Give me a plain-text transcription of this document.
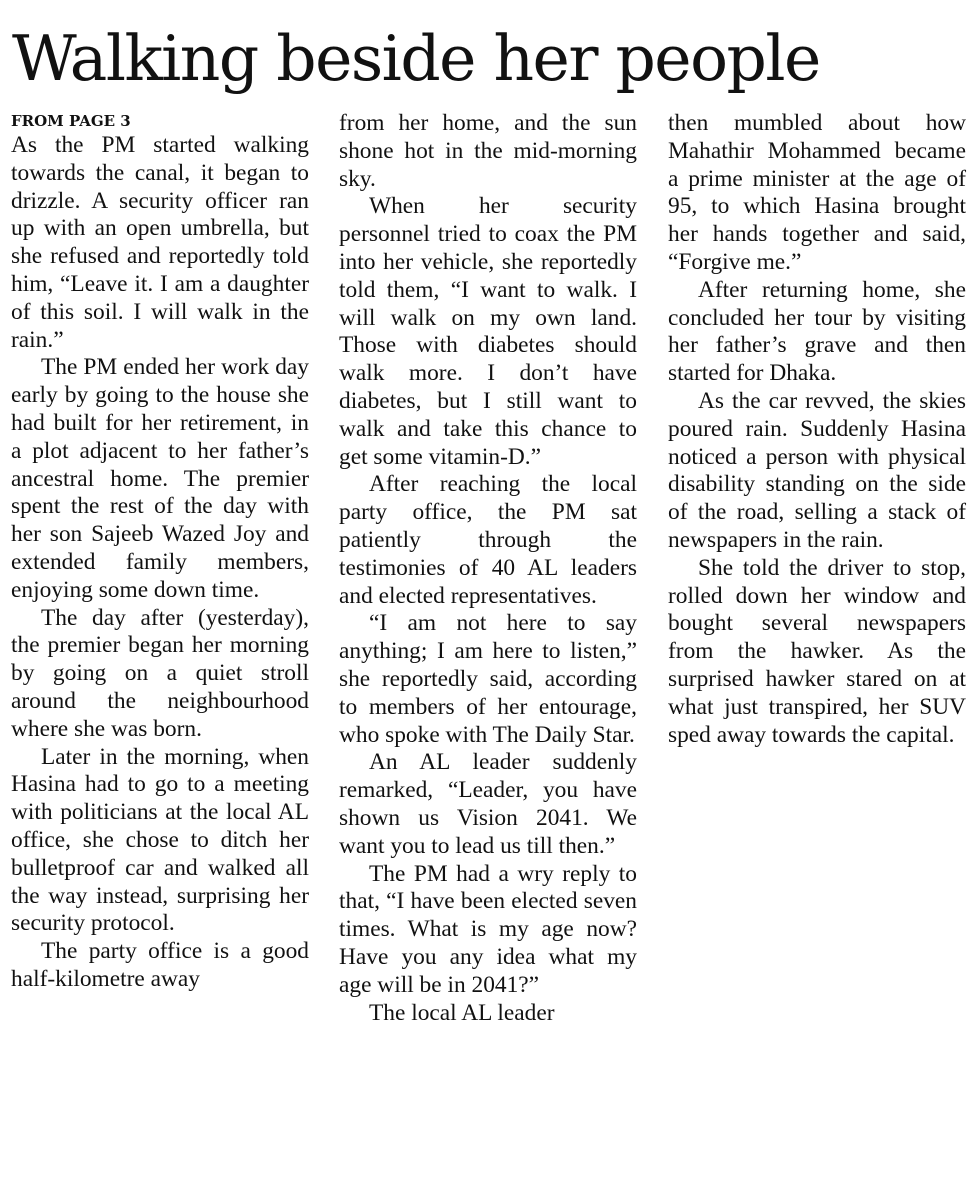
Walking beside her people

FROM PAGE 3

As the PM started walking towards the canal, it began to drizzle. A security officer ran up with an open umbrella, but she refused and reportedly told him, “Leave it. I am a daughter of this soil. I will walk in the rain.”

The PM ended her work day early by going to the house she had built for her retirement, in a plot adjacent to her father’s ancestral home. The premier spent the rest of the day with her son Sajeeb Wazed Joy and extended family members, enjoying some down time.

The day after (yesterday), the premier began her morning by going on a quiet stroll around the neighbourhood where she was born.

Later in the morning, when Hasina had to go to a meeting with politicians at the local AL office, she chose to ditch her bulletproof car and walked all the way instead, surprising her security protocol.

The party office is a good half-kilometre away

from her home, and the sun shone hot in the mid-morning sky.

When her security personnel tried to coax the PM into her vehicle, she reportedly told them, “I want to walk. I will walk on my own land. Those with diabetes should walk more. I don’t have diabetes, but I still want to walk and take this chance to get some vitamin-D.”

After reaching the local party office, the PM sat patiently through the testimonies of 40 AL leaders and elected representatives.

“I am not here to say anything; I am here to listen,” she reportedly said, according to members of her entourage, who spoke with The Daily Star.

An AL leader suddenly remarked, “Leader, you have shown us Vision 2041. We want you to lead us till then.”

The PM had a wry reply to that, “I have been elected seven times. What is my age now? Have you any idea what my age will be in 2041?”

The local AL leader

then mumbled about how Mahathir Mohammed became a prime minister at the age of 95, to which Hasina brought her hands together and said, “Forgive me.”

After returning home, she concluded her tour by visiting her father’s grave and then started for Dhaka.

As the car revved, the skies poured rain. Suddenly Hasina noticed a person with physical disability standing on the side of the road, selling a stack of newspapers in the rain.

She told the driver to stop, rolled down her window and bought several newspapers from the hawker. As the surprised hawker stared on at what just transpired, her SUV sped away towards the capital.
